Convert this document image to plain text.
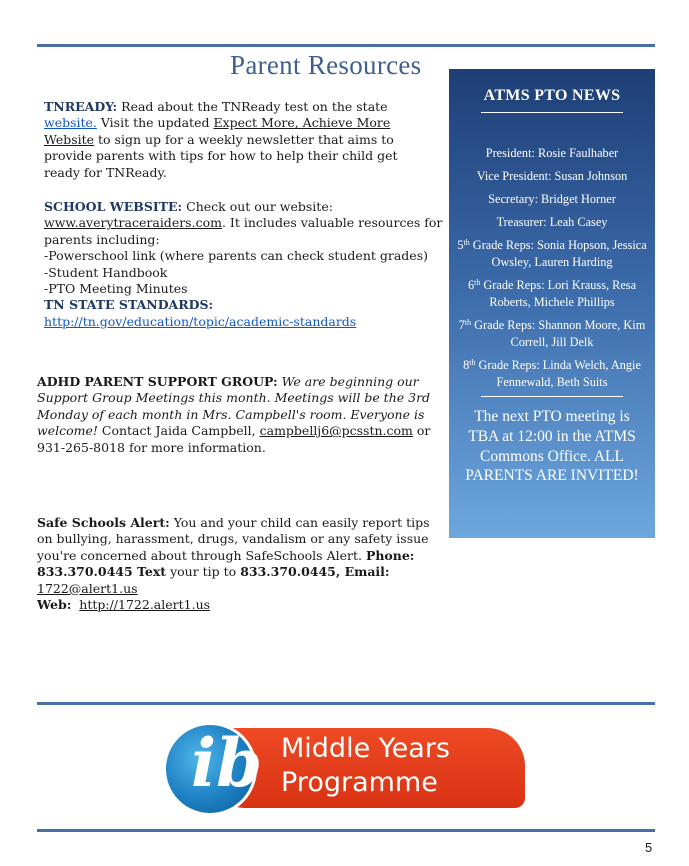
Parent Resources
TNREADY: Read about the TNReady test on the state website. Visit the updated Expect More, Achieve More Website to sign up for a weekly newsletter that aims to provide parents with tips for how to help their child get ready for TNReady.
SCHOOL WEBSITE: Check out our website: www.averytraceraiders.com. It includes valuable resources for parents including:
-Powerschool link (where parents can check student grades)
-Student Handbook
-PTO Meeting Minutes
TN STATE STANDARDS:
http://tn.gov/education/topic/academic-standards
ADHD PARENT SUPPORT GROUP: We are beginning our Support Group Meetings this month. Meetings will be the 3rd Monday of each month in Mrs. Campbell's room. Everyone is welcome! Contact Jaida Campbell, campbellj6@pcsstn.com or 931-265-8018 for more information.
Safe Schools Alert: You and your child can easily report tips on bullying, harassment, drugs, vandalism or any safety issue you're concerned about through SafeSchools Alert. Phone: 833.370.0445 Text your tip to 833.370.0445, Email: 1722@alert1.us
Web: http://1722.alert1.us
ATMS PTO NEWS
President: Rosie Faulhaber
Vice President: Susan Johnson
Secretary: Bridget Horner
Treasurer: Leah Casey
5th Grade Reps: Sonia Hopson, Jessica Owsley, Lauren Harding
6th Grade Reps: Lori Krauss, Resa Roberts, Michele Phillips
7th Grade Reps: Shannon Moore, Kim Correll, Jill Delk
8th Grade Reps: Linda Welch, Angie Fennewald, Beth Suits
The next PTO meeting is TBA at 12:00 in the ATMS Commons Office. ALL PARENTS ARE INVITED!
ib Middle Years
Programme
5
